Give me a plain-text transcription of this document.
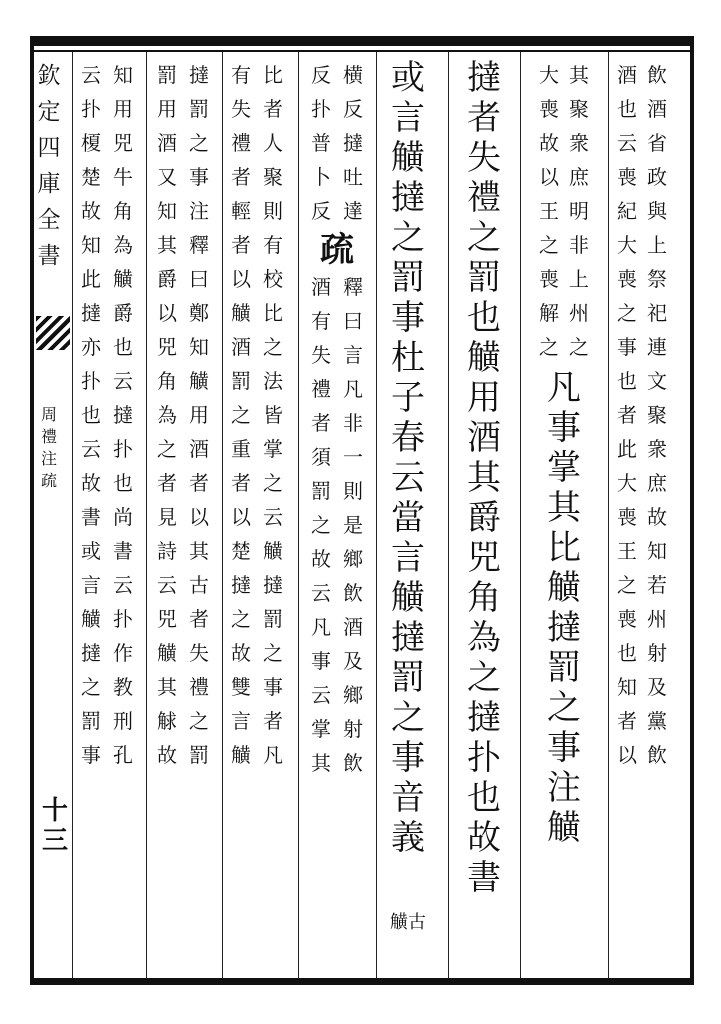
欽定四庫全書
周禮注疏
十三
飲酒省政與上祭祀連文聚衆庶故知若州射及黨飲
酒也云喪紀大喪之事也者此大喪王之喪也知者以
其聚衆庶明非上州之
大喪故以王之喪解之
凡事掌其比觵撻罰之事注觵
撻者失禮之罰也觵用酒其爵兕角為之撻扑也故書
或言觵撻之罰事杜子春云當言觵撻罰之事音義
横反撻吐達
反扑普卜反
疏
釋曰言凡非一則是鄉飲酒及鄉射飲
酒有失禮者須罰之故云凡事云掌其
觵古
比者人聚則有校比之法皆掌之云觵撻罰之事者凡
有失禮者輕者以觵酒罰之重者以楚撻之故雙言觵
撻罰之事注釋曰鄭知觵用酒者以其古者失禮之罰
罰用酒又知其爵以兕角為之者見詩云兕觵其觩故
知用兕牛角為觵爵也云撻扑也尚書云扑作教刑孔
云扑榎楚故知此撻亦扑也云故書或言觵撻之罰事
